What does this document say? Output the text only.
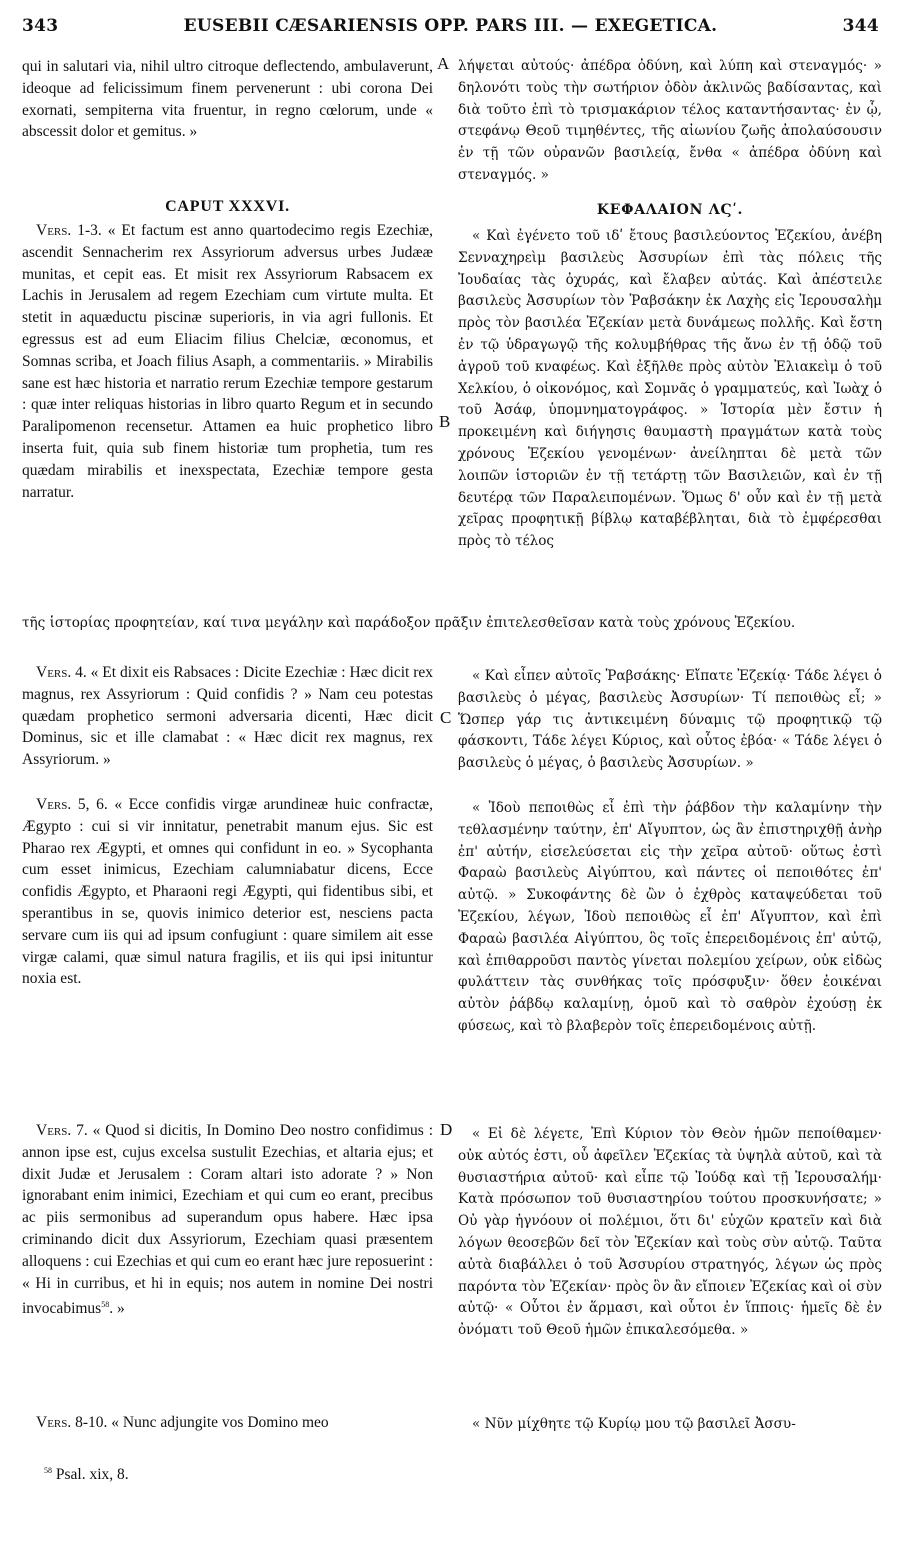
343	EUSEBII CÆSARIENSIS OPP. PARS III. — EXEGETICA.	344
A
B
C
D

qui in salutari via, nihil ultro citroque deflectendo, ambulaverunt, ideoque ad felicissimum finem pervenerunt : ubi corona Dei exornati, sempiterna vita fruentur, in regno cœlorum, unde « abscessit dolor et gemitus. »

CAPUT XXXVI.

Vers. 1-3. « Et factum est anno quartodecimo regis Ezechiæ, ascendit Sennacherim rex Assyriorum adversus urbes Judææ munitas, et cepit eas. Et misit rex Assyriorum Rabsacem ex Lachis in Jerusalem ad regem Ezechiam cum virtute multa. Et stetit in aquæductu piscinæ superioris, in via agri fullonis. Et egressus est ad eum Eliacim filius Chelciæ, œconomus, et Somnas scriba, et Joach filius Asaph, a commentariis. » Mirabilis sane est hæc historia et narratio rerum Ezechiæ tempore gestarum : quæ inter reliquas historias in libro quarto Regum et in secundo Paralipomenon recensetur. Attamen ea huic prophetico libro inserta fuit, quia sub finem historiæ tum prophetia, tum res quædam mirabilis et inexspectata, Ezechiæ tempore gesta narratur.

Vers. 4. « Et dixit eis Rabsaces : Dicite Ezechiæ : Hæc dicit rex magnus, rex Assyriorum : Quid confidis ? » Nam ceu potestas quædam prophetico sermoni adversaria dicenti, Hæc dicit Dominus, sic et ille clamabat : « Hæc dicit rex magnus, rex Assyriorum. »

Vers. 5, 6. « Ecce confidis virgæ arundineæ huic confractæ, Ægypto : cui si vir innitatur, penetrabit manum ejus. Sic est Pharao rex Ægypti, et omnes qui confidunt in eo. » Sycophanta cum esset inimicus, Ezechiam calumniabatur dicens, Ecce confidis Ægypto, et Pharaoni regi Ægypti, qui fidentibus sibi, et sperantibus in se, quovis inimico deterior est, nesciens pacta servare cum iis qui ad ipsum confugiunt : quare similem ait esse virgæ calami, quæ simul natura fragilis, et iis qui ipsi inituntur noxia est.

Vers. 7. « Quod si dicitis, In Domino Deo nostro confidimus : annon ipse est, cujus excelsa sustulit Ezechias, et altaria ejus; et dixit Judæ et Jerusalem : Coram altari isto adorate ? » Non ignorabant enim inimici, Ezechiam et qui cum eo erant, precibus ac piis sermonibus ad superandum opus habere. Hæc ipsa criminando dicit dux Assyriorum, Ezechiam quasi præsentem alloquens : cui Ezechias et qui cum eo erant hæc jure reposuerint : « Hi in curribus, et hi in equis; nos autem in nomine Dei nostri invocabimus$^{58}$. »

Vers. 8-10. « Nunc adjungite vos Domino meo

λήψεται αὐτούς· ἀπέδρα ὀδύνη, καὶ λύπη καὶ στεναγμός· » δηλονότι τοὺς τὴν σωτήριον ὁδὸν ἀκλινῶς βαδίσαντας, καὶ διὰ τοῦτο ἐπὶ τὸ τρισμακάριον τέλος καταντήσαντας· ἐν ᾧ, στεφάνῳ Θεοῦ τιμηθέντες, τῆς αἰωνίου ζωῆς ἀπολαύσουσιν ἐν τῇ τῶν οὐρανῶν βασιλείᾳ, ἔνθα « ἀπέδρα ὀδύνη καὶ στεναγμός. »

ΚΕΦΑΛΑΙΟΝ ΛϚʹ.

« Καὶ ἐγένετο τοῦ ιδʹ ἔτους βασιλεύοντος Ἐζεκίου, ἀνέβη Σενναχηρεὶμ βασιλεὺς Ἀσσυρίων ἐπὶ τὰς πόλεις τῆς Ἰουδαίας τὰς ὀχυράς, καὶ ἔλαβεν αὐτάς. Καὶ ἀπέστειλε βασιλεὺς Ἀσσυρίων τὸν Ῥαβσάκην ἐκ Λαχὴς εἰς Ἱερουσαλὴμ πρὸς τὸν βασιλέα Ἐζεκίαν μετὰ δυνάμεως πολλῆς. Καὶ ἔστη ἐν τῷ ὑδραγωγῷ τῆς κολυμβήθρας τῆς ἄνω ἐν τῇ ὁδῷ τοῦ ἀγροῦ τοῦ κναφέως. Καὶ ἐξῆλθε πρὸς αὐτὸν Ἐλιακεὶμ ὁ τοῦ Χελκίου, ὁ οἰκονόμος, καὶ Σομνᾶς ὁ γραμματεύς, καὶ Ἰωὰχ ὁ τοῦ Ἀσάφ, ὑπομνηματογράφος. » Ἱστορία μὲν ἔστιν ἡ προκειμένη καὶ διήγησις θαυμαστὴ πραγμάτων κατὰ τοὺς χρόνους Ἐζεκίου γενομένων· ἀνείληπται δὲ μετὰ τῶν λοιπῶν ἱστοριῶν ἐν τῇ τετάρτῃ τῶν Βασιλειῶν, καὶ ἐν τῇ δευτέρᾳ τῶν Παραλειπομένων. Ὅμως δ' οὖν καὶ ἐν τῇ μετὰ χεῖρας προφητικῇ βίβλῳ καταβέβληται, διὰ τὸ ἐμφέρεσθαι πρὸς τὸ τέλος

τῆς ἱστορίας προφητείαν, καί τινα μεγάλην καὶ παράδοξον πρᾶξιν ἐπιτελεσθεῖσαν κατὰ τοὺς χρόνους Ἐζεκίου.

« Καὶ εἶπεν αὐτοῖς Ῥαβσάκης· Εἴπατε Ἐζεκίᾳ· Τάδε λέγει ὁ βασιλεὺς ὁ μέγας, βασιλεὺς Ἀσσυρίων· Τί πεποιθὼς εἶ; » Ὥσπερ γάρ τις ἀντικειμένη δύναμις τῷ προφητικῷ τῷ φάσκοντι, Τάδε λέγει Κύριος, καὶ οὗτος ἐβόα· « Τάδε λέγει ὁ βασιλεὺς ὁ μέγας, ὁ βασιλεὺς Ἀσσυρίων. »

« Ἰδοὺ πεποιθὼς εἶ ἐπὶ τὴν ῥάβδον τὴν καλαμίνην τὴν τεθλασμένην ταύτην, ἐπ' Αἴγυπτον, ὡς ἂν ἐπιστηριχθῇ ἀνὴρ ἐπ' αὐτήν, εἰσελεύσεται εἰς τὴν χεῖρα αὐτοῦ· οὕτως ἐστὶ Φαραὼ βασιλεὺς Αἰγύπτου, καὶ πάντες οἱ πεποιθότες ἐπ' αὐτῷ. » Συκοφάντης δὲ ὢν ὁ ἐχθρὸς καταψεύδεται τοῦ Ἐζεκίου, λέγων, Ἰδοὺ πεποιθὼς εἶ ἐπ' Αἴγυπτον, καὶ ἐπὶ Φαραὼ βασιλέα Αἰγύπτου, ὃς τοῖς ἐπερειδομένοις ἐπ' αὐτῷ, καὶ ἐπιθαρροῦσι παντὸς γίνεται πολεμίου χείρων, οὐκ εἰδὼς φυλάττειν τὰς συνθήκας τοῖς πρόσφυξιν· ὅθεν ἐοικέναι αὐτὸν ῥάβδῳ καλαμίνῃ, ὁμοῦ καὶ τὸ σαθρὸν ἐχούσῃ ἐκ φύσεως, καὶ τὸ βλαβερὸν τοῖς ἐπερειδομένοις αὐτῇ.

« Εἰ δὲ λέγετε, Ἐπὶ Κύριον τὸν Θεὸν ἡμῶν πεποίθαμεν· οὐκ αὐτός ἐστι, οὗ ἀφεῖλεν Ἐζεκίας τὰ ὑψηλὰ αὐτοῦ, καὶ τὰ θυσιαστήρια αὐτοῦ· καὶ εἶπε τῷ Ἰούδᾳ καὶ τῇ Ἱερουσαλήμ· Κατὰ πρόσωπον τοῦ θυσιαστηρίου τούτου προσκυνήσατε; » Οὐ γὰρ ἠγνόουν οἱ πολέμιοι, ὅτι δι' εὐχῶν κρατεῖν καὶ διὰ λόγων θεοσεβῶν δεῖ τὸν Ἐζεκίαν καὶ τοὺς σὺν αὐτῷ. Ταῦτα αὐτὰ διαβάλλει ὁ τοῦ Ἀσσυρίου στρατηγός, λέγων ὡς πρὸς παρόντα τὸν Ἐζεκίαν· πρὸς ὃν ἂν εἴποιεν Ἐζεκίας καὶ οἱ σὺν αὐτῷ· « Οὗτοι ἐν ἅρμασι, καὶ οὗτοι ἐν ἵπποις· ἡμεῖς δὲ ἐν ὀνόματι τοῦ Θεοῦ ἡμῶν ἐπικαλεσόμεθα. »

« Νῦν μίχθητε τῷ Κυρίῳ μου τῷ βασιλεῖ Ἀσσυ-

$^{58}$ Psal. xix, 8.
